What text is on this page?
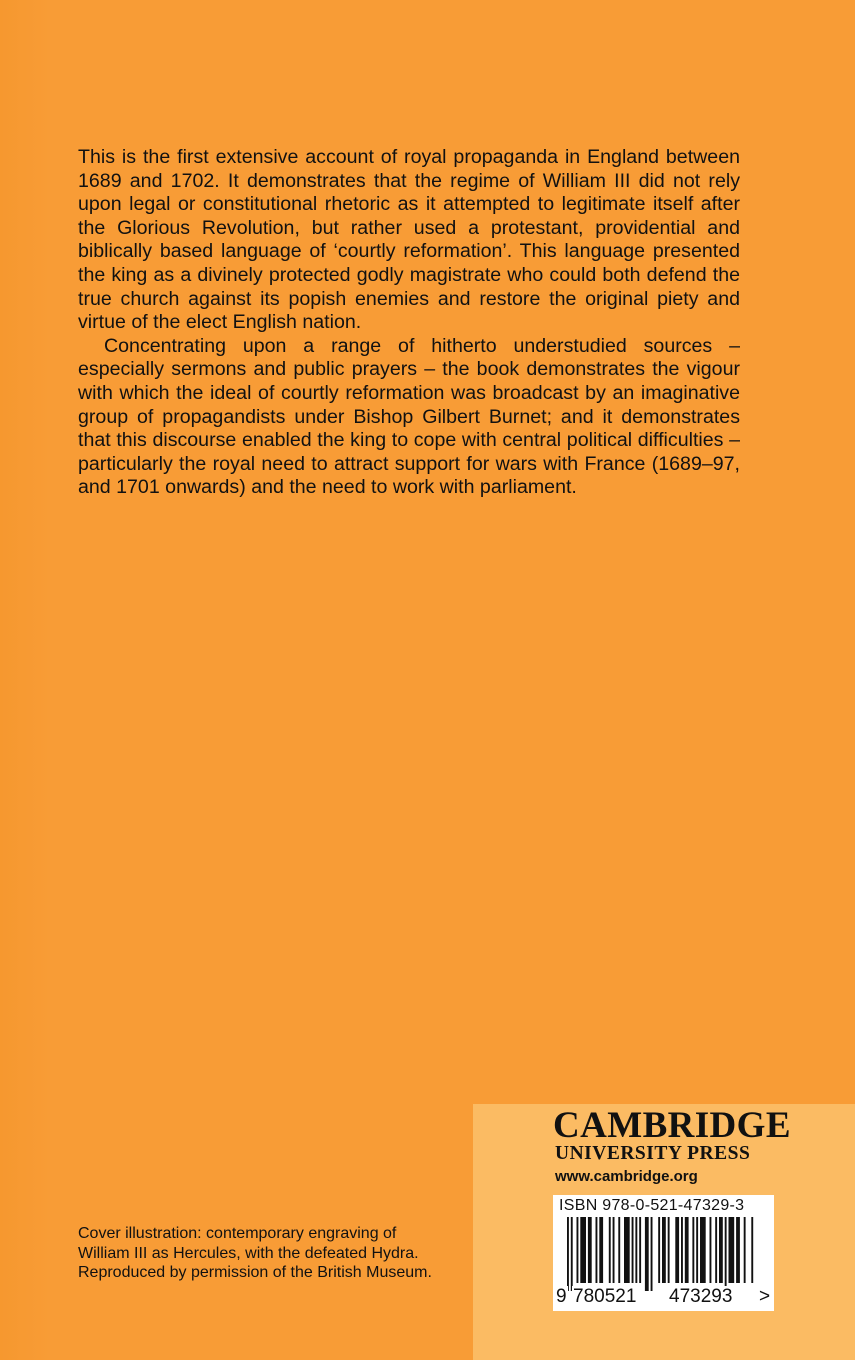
This is the first extensive account of royal propaganda in England between 1689 and 1702. It demonstrates that the regime of William III did not rely upon legal or constitutional rhetoric as it attempted to legitimate itself after the Glorious Revolution, but rather used a protestant, providential and biblically based language of ‘courtly reformation’. This language presented the king as a divinely protected godly magistrate who could both defend the true church against its popish enemies and restore the original piety and virtue of the elect English nation.

Concentrating upon a range of hitherto understudied sources – especially sermons and public prayers – the book demonstrates the vigour with which the ideal of courtly reformation was broadcast by an imaginative group of propagandists under Bishop Gilbert Burnet; and it demonstrates that this discourse enabled the king to cope with central political difficulties – particularly the royal need to attract support for wars with France (1689–97, and 1701 onwards) and the need to work with parliament.

Cover illustration: contemporary engraving of William III as Hercules, with the defeated Hydra. Reproduced by permission of the British Museum.
CAMBRIDGE
UNIVERSITY PRESS
www.cambridge.org
ISBN 978-0-521-47329-3
9 780521 473293 >
